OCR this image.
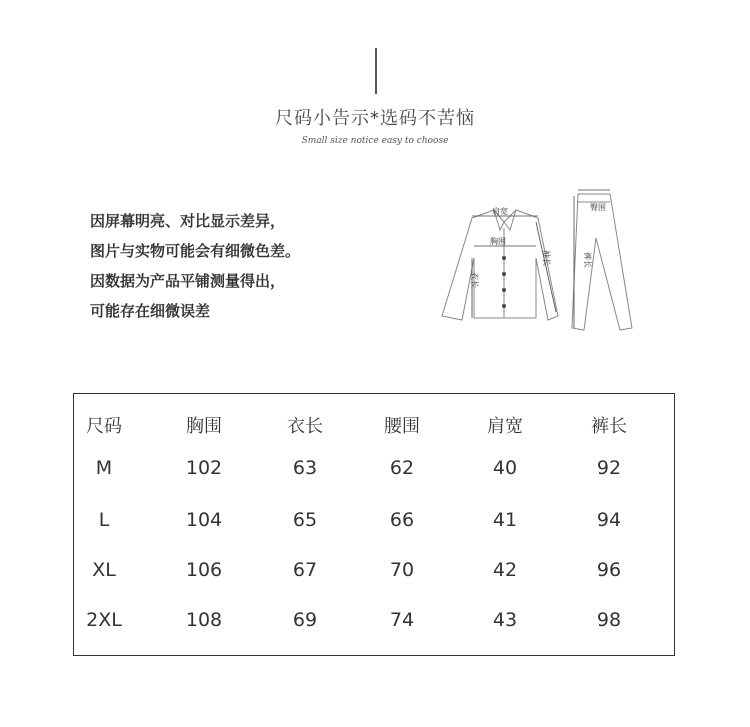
尺码小告示*选码不苦恼
Small size notice easy to choose
因屏幕明亮、对比显示差异，
图片与实物可能会有细微色差。
因数据为产品平铺测量得出，
可能存在细微误差
肩宽
胸围
臀围
衣长
袖长	裤长
尺码	胸围	衣长	腰围	肩宽	裤长
M	102	63	62	40	92
L	104	65	66	41	94
XL	106	67	70	42	96
2XL	108	69	74	43	98
